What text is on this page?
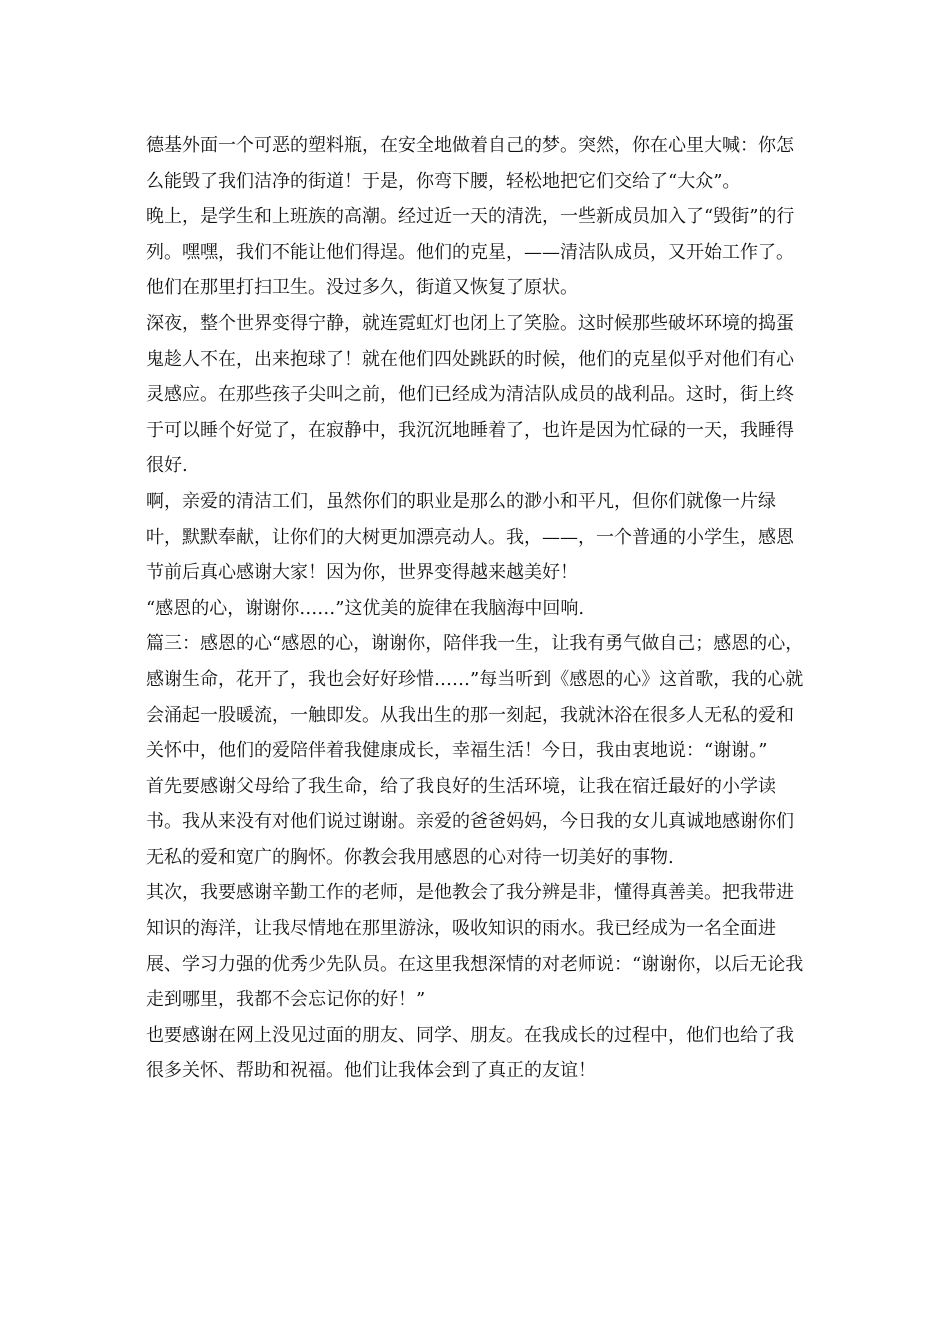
德基外面一个可恶的塑料瓶，在安全地做着自己的梦。突然，你在心里大喊：你怎么能毁了我们洁净的街道！于是，你弯下腰，轻松地把它们交给了“大众”。

晚上，是学生和上班族的高潮。经过近一天的清洗，一些新成员加入了“毁街”的行列。嘿嘿，我们不能让他们得逞。他们的克星，——清洁队成员，又开始工作了。他们在那里打扫卫生。没过多久，街道又恢复了原状。

深夜，整个世界变得宁静，就连霓虹灯也闭上了笑脸。这时候那些破坏环境的捣蛋鬼趁人不在，出来抱球了！就在他们四处跳跃的时候，他们的克星似乎对他们有心灵感应。在那些孩子尖叫之前，他们已经成为清洁队成员的战利品。这时，街上终于可以睡个好觉了，在寂静中，我沉沉地睡着了，也许是因为忙碌的一天，我睡得很好.

啊，亲爱的清洁工们，虽然你们的职业是那么的渺小和平凡，但你们就像一片绿叶，默默奉献，让你们的大树更加漂亮动人。我，——，一个普通的小学生，感恩节前后真心感谢大家！因为你，世界变得越来越美好！

“感恩的心，谢谢你……”这优美的旋律在我脑海中回响.

篇三：感恩的心“感恩的心，谢谢你，陪伴我一生，让我有勇气做自己；感恩的心，感谢生命，花开了，我也会好好珍惜……”每当听到《感恩的心》这首歌，我的心就会涌起一股暖流，一触即发。从我出生的那一刻起，我就沐浴在很多人无私的爱和关怀中，他们的爱陪伴着我健康成长，幸福生活！今日，我由衷地说：“谢谢。”

首先要感谢父母给了我生命，给了我良好的生活环境，让我在宿迁最好的小学读书。我从来没有对他们说过谢谢。亲爱的爸爸妈妈，今日我的女儿真诚地感谢你们无私的爱和宽广的胸怀。你教会我用感恩的心对待一切美好的事物.

其次，我要感谢辛勤工作的老师，是他教会了我分辨是非，懂得真善美。把我带进知识的海洋，让我尽情地在那里游泳，吸收知识的雨水。我已经成为一名全面进展、学习力强的优秀少先队员。在这里我想深情的对老师说：“谢谢你，以后无论我走到哪里，我都不会忘记你的好！”

也要感谢在网上没见过面的朋友、同学、朋友。在我成长的过程中，他们也给了我很多关怀、帮助和祝福。他们让我体会到了真正的友谊！
